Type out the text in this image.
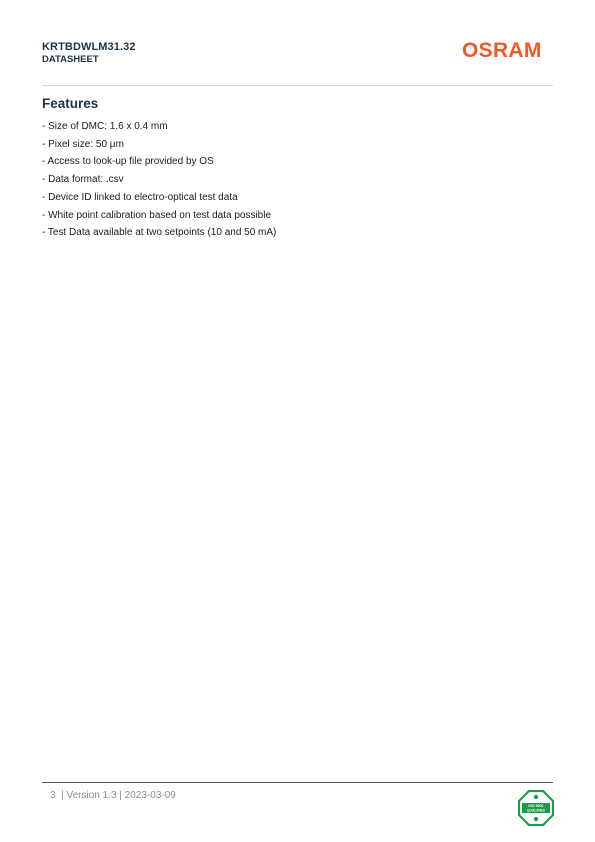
KRTBDWLM31.32
DATASHEET	OSRAM
Features
- Size of DMC: 1.6 x 0.4 mm
- Pixel size: 50 µm
- Access to look-up file provided by OS
- Data format: .csv
- Device ID linked to electro-optical test data
- White point calibration based on test data possible
- Test Data available at two setpoints (10 and 50 mA)
3  | Version 1.3 | 2023-03-09
ISO 9001
QUALIFIED
